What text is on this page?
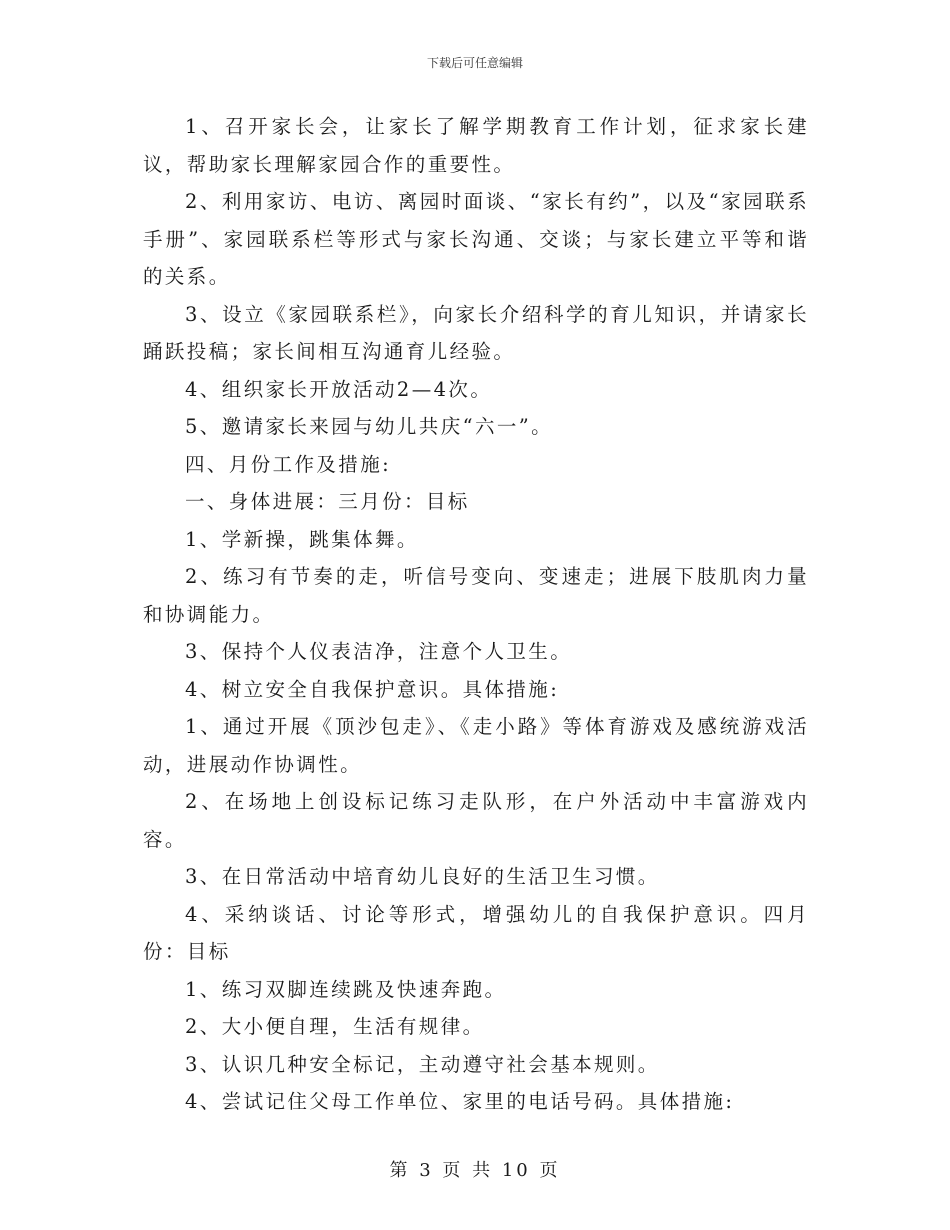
下载后可任意编辑

1、召开家长会，让家长了解学期教育工作计划，征求家长建议，帮助家长理解家园合作的重要性。

2、利用家访、电访、离园时面谈、“家长有约”，以及“家园联系手册”、家园联系栏等形式与家长沟通、交谈；与家长建立平等和谐的关系。

3、设立《家园联系栏》，向家长介绍科学的育儿知识，并请家长踊跃投稿；家长间相互沟通育儿经验。

4、组织家长开放活动2—4次。

5、邀请家长来园与幼儿共庆“六一”。

四、月份工作及措施:

一、身体进展：三月份：目标

1、学新操，跳集体舞。

2、练习有节奏的走，听信号变向、变速走；进展下肢肌肉力量和协调能力。

3、保持个人仪表洁净，注意个人卫生。

4、树立安全自我保护意识。具体措施:

1、通过开展《顶沙包走》、《走小路》等体育游戏及感统游戏活动，进展动作协调性。

2、在场地上创设标记练习走队形，在户外活动中丰富游戏内容。

3、在日常活动中培育幼儿良好的生活卫生习惯。

4、采纳谈话、讨论等形式，增强幼儿的自我保护意识。四月份：目标

1、练习双脚连续跳及快速奔跑。

2、大小便自理，生活有规律。

3、认识几种安全标记，主动遵守社会基本规则。

4、尝试记住父母工作单位、家里的电话号码。具体措施:

第 3 页 共 10 页
